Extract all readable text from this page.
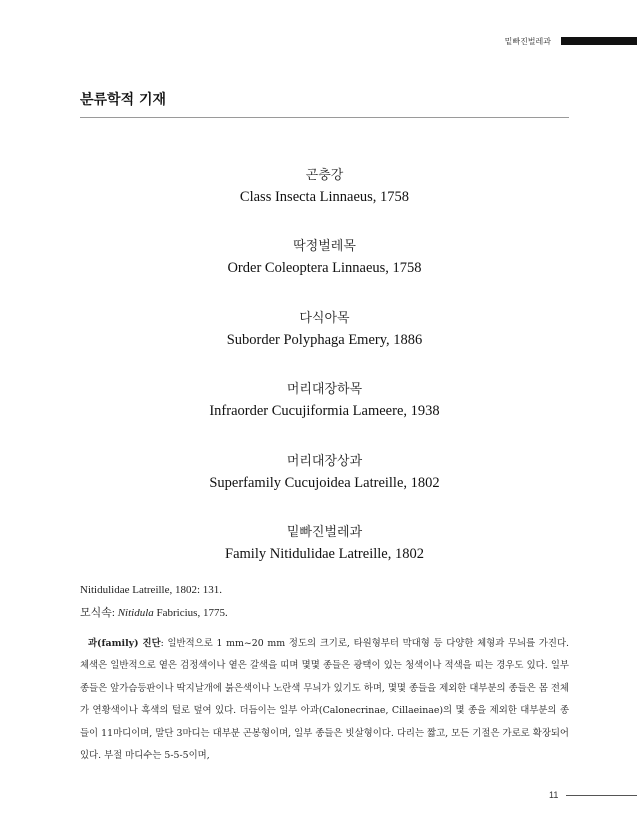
밑빠진벌레과
분류학적 기재
곤충강
Class Insecta Linnaeus, 1758
딱정벌레목
Order Coleoptera Linnaeus, 1758
다식아목
Suborder Polyphaga Emery, 1886
머리대장하목
Infraorder Cucujiformia Lameere, 1938
머리대장상과
Superfamily Cucujoidea Latreille, 1802
밑빠진벌레과
Family Nitidulidae Latreille, 1802
Nitidulidae Latreille, 1802: 131.
모식속: Nitidula Fabricius, 1775.

과(family) 진단: 일반적으로 1 mm~20 mm 정도의 크기로, 타원형부터 막대형 등 다양한 체형과 무늬를 가진다. 체색은 일반적으로 옅은 검정색이나 옅은 갈색을 띠며 몇몇 종들은 광택이 있는 청색이나 적색을 띠는 경우도 있다. 일부 종들은 앞가슴등판이나 딱지날개에 붉은색이나 노란색 무늬가 있기도 하며, 몇몇 종들을 제외한 대부분의 종들은 몸 전체가 연황색이나 흑색의 털로 덮여 있다. 더듬이는 일부 아과(Calonecrinae, Cillaeinae)의 몇 종을 제외한 대부분의 종들이 11마디이며, 말단 3마디는 대부분 곤봉형이며, 일부 종들은 빗살형이다. 다리는 짧고, 모든 기절은 가로로 확장되어 있다. 부절 마디수는 5-5-5이며,

11
